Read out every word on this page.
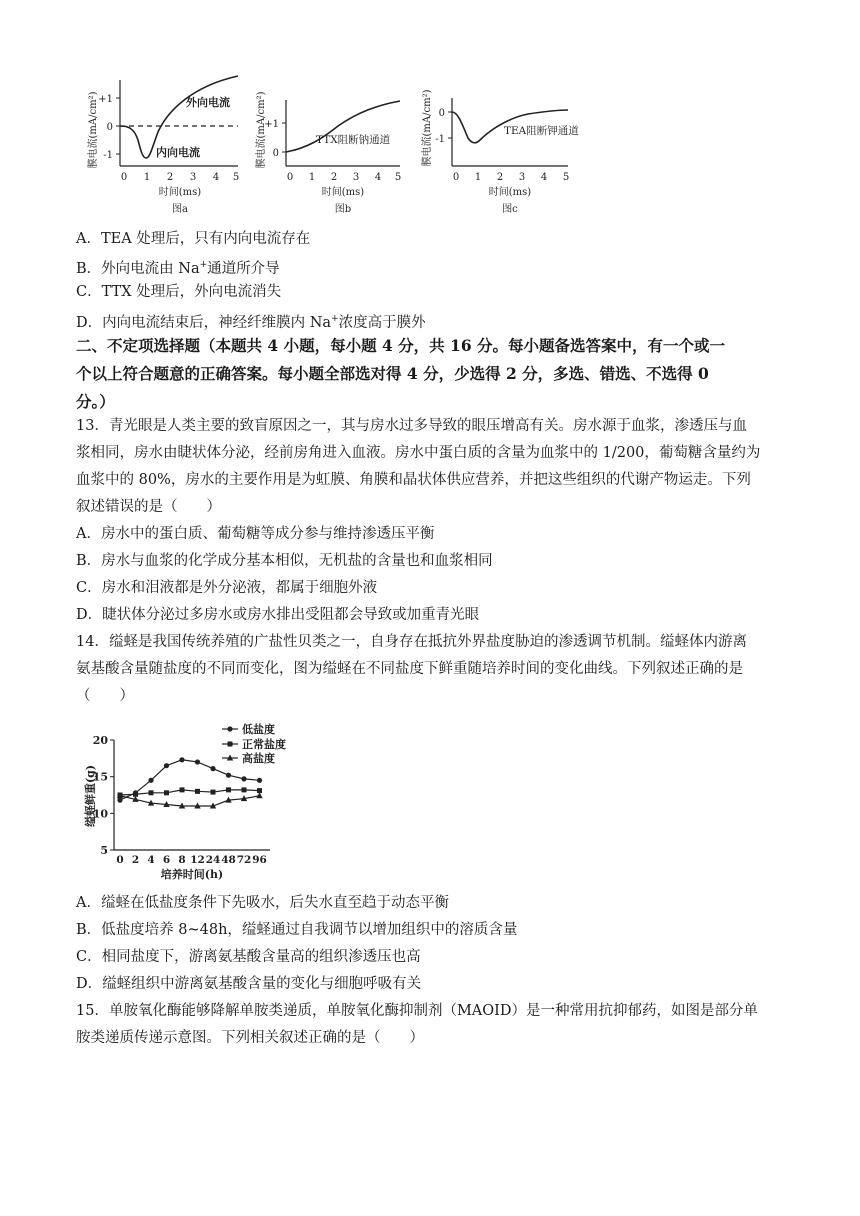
膜电流(mA/cm²) +1
0
-1
外向电流
内向电流
0 1 2 3 4 5
时间(ms)
图a
膜电流(mA/cm²)
+1
0
TTX阻断钠通道
0 1 2 3 4 5
时间(ms)
图b
膜电流(mA/cm²) 0
-1
TEA阻断钾通道
0 1 2 3 4 5
时间(ms)
图c
A．TEA 处理后，只有内向电流存在
B．外向电流由 Na+通道所介导
C．TTX 处理后，外向电流消失
D．内向电流结束后，神经纤维膜内 Na+浓度高于膜外
二、不定项选择题（本题共 4 小题，每小题 4 分，共 16 分。每小题备选答案中，有一个或一
个以上符合题意的正确答案。每小题全部选对得 4 分，少选得 2 分，多选、错选、不选得 0
分。）
13．青光眼是人类主要的致盲原因之一，其与房水过多导致的眼压增高有关。房水源于血浆，渗透压与血
浆相同，房水由睫状体分泌，经前房角进入血液。房水中蛋白质的含量为血浆中的 1/200，葡萄糖含量约为
血浆中的 80%，房水的主要作用是为虹膜、角膜和晶状体供应营养，并把这些组织的代谢产物运走。下列
叙述错误的是（　　）
A．房水中的蛋白质、葡萄糖等成分参与维持渗透压平衡
B．房水与血浆的化学成分基本相似，无机盐的含量也和血浆相同
C．房水和泪液都是外分泌液，都属于细胞外液
D．睫状体分泌过多房水或房水排出受阻都会导致或加重青光眼
14．缢蛏是我国传统养殖的广盐性贝类之一，自身存在抵抗外界盐度胁迫的渗透调节机制。缢蛏体内游离
氨基酸含量随盐度的不同而变化，图为缢蛏在不同盐度下鲜重随培养时间的变化曲线。下列叙述正确的是
（　　）
缢蛏鲜重(g)
20
15
10
5
0 2 4 6 8 12 24 48 72 96
培养时间(h)
低盐度
正常盐度
高盐度
A．缢蛏在低盐度条件下先吸水，后失水直至趋于动态平衡
B．低盐度培养 8~48h，缢蛏通过自我调节以增加组织中的溶质含量
C．相同盐度下，游离氨基酸含量高的组织渗透压也高
D．缢蛏组织中游离氨基酸含量的变化与细胞呼吸有关
15．单胺氧化酶能够降解单胺类递质，单胺氧化酶抑制剂（MAOID）是一种常用抗抑郁药，如图是部分单
胺类递质传递示意图。下列相关叙述正确的是（　　）
